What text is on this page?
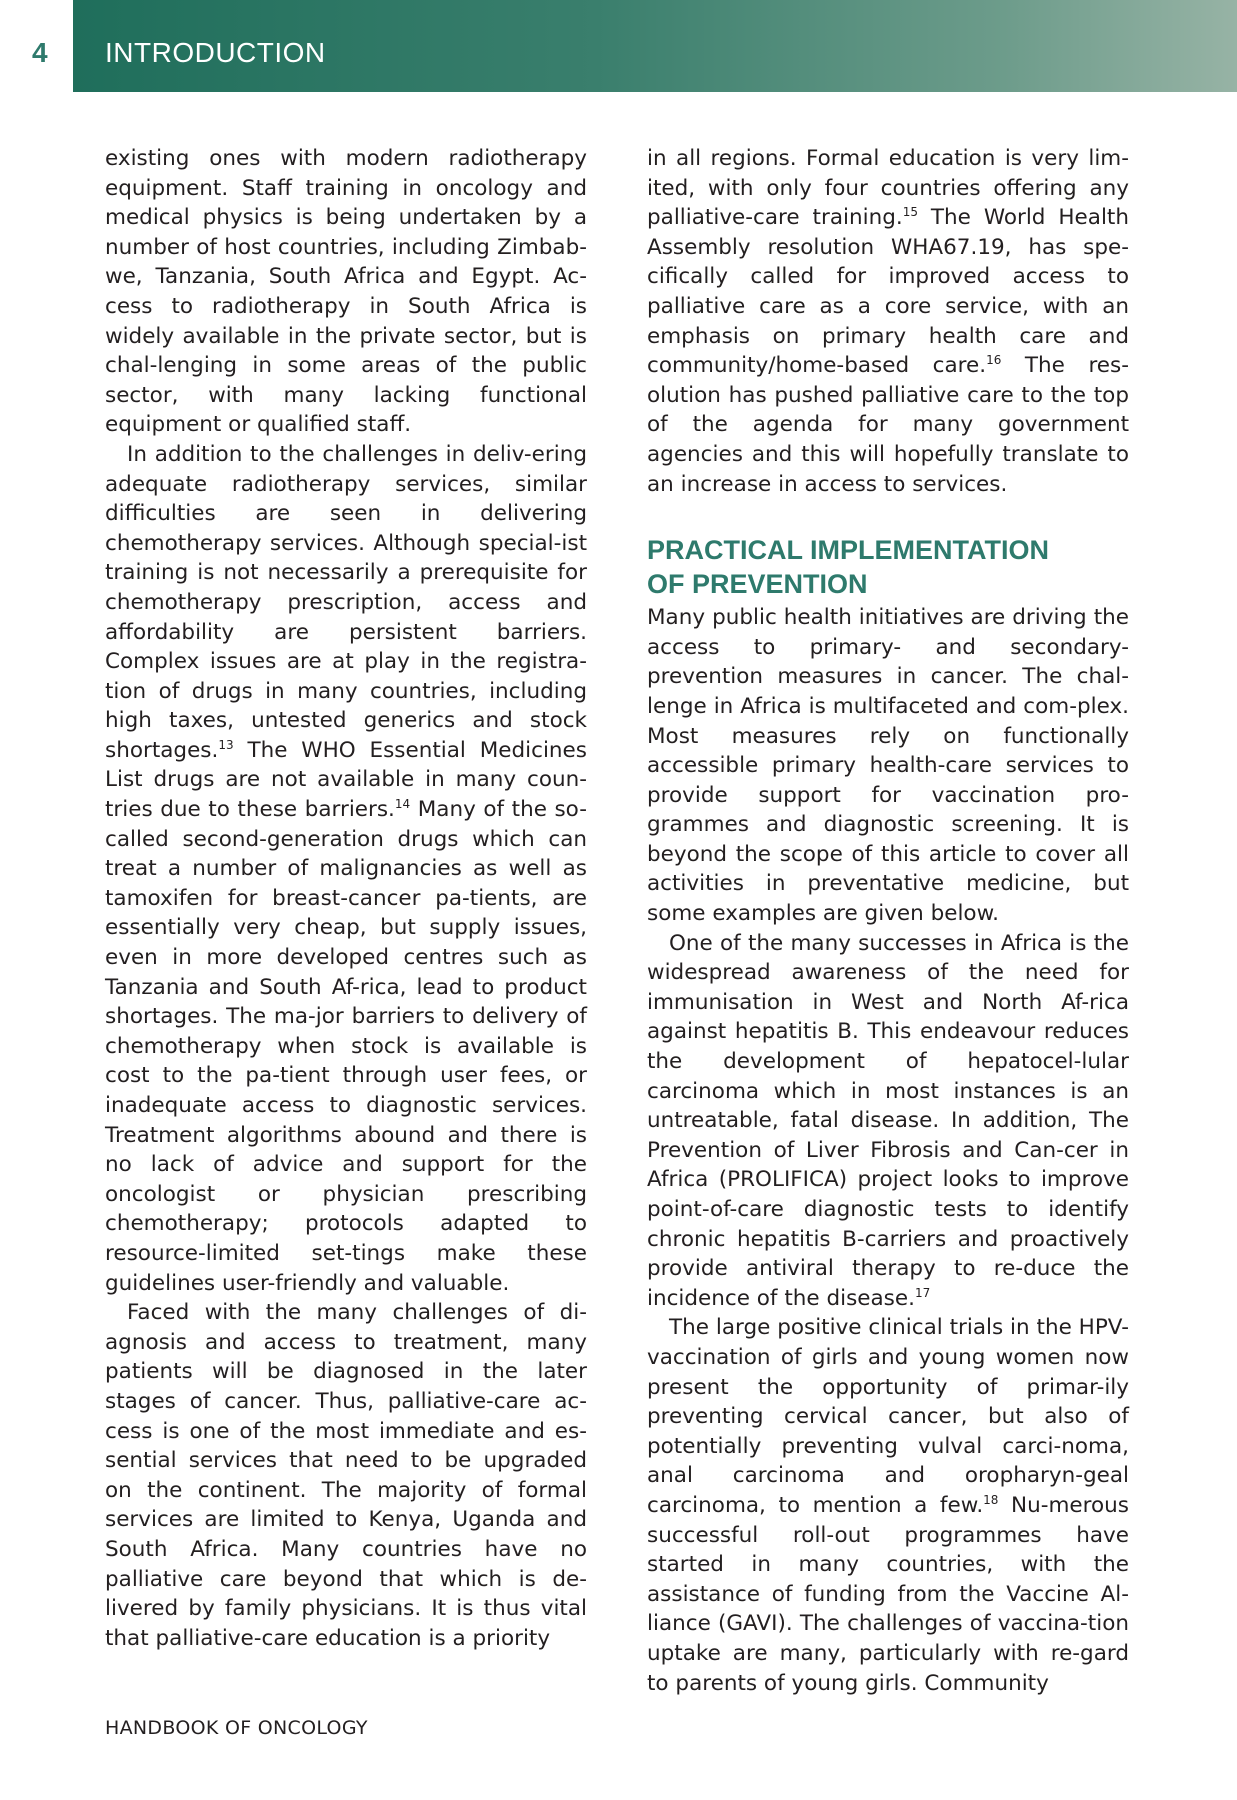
4 INTRODUCTION

existing ones with modern radiotherapy equipment. Staff training in oncology and medical physics is being undertaken by a number of host countries, including Zimbab-we, Tanzania, South Africa and Egypt. Ac-cess to radiotherapy in South Africa is widely available in the private sector, but is chal-lenging in some areas of the public sector, with many lacking functional equipment or qualified staff.

In addition to the challenges in deliv-ering adequate radiotherapy services, similar difficulties are seen in delivering chemotherapy services. Although special-ist training is not necessarily a prerequisite for chemotherapy prescription, access and affordability are persistent barriers. Complex issues are at play in the registra-tion of drugs in many countries, including high taxes, untested generics and stock shortages.$^{13}$ The WHO Essential Medicines List drugs are not available in many coun-tries due to these barriers.$^{14}$ Many of the so-called second-generation drugs which can treat a number of malignancies as well as tamoxifen for breast-cancer pa-tients, are essentially very cheap, but supply issues, even in more developed centres such as Tanzania and South Af-rica, lead to product shortages. The ma-jor barriers to delivery of chemotherapy when stock is available is cost to the pa-tient through user fees, or inadequate access to diagnostic services. Treatment algorithms abound and there is no lack of advice and support for the oncologist or physician prescribing chemotherapy; protocols adapted to resource-limited set-tings make these guidelines user-friendly and valuable.

Faced with the many challenges of di-agnosis and access to treatment, many patients will be diagnosed in the later stages of cancer. Thus, palliative-care ac-cess is one of the most immediate and es-sential services that need to be upgraded on the continent. The majority of formal services are limited to Kenya, Uganda and South Africa. Many countries have no palliative care beyond that which is de-livered by family physicians. It is thus vital that palliative-care education is a priority

in all regions. Formal education is very lim-ited, with only four countries offering any palliative-care training.$^{15}$ The World Health Assembly resolution WHA67.19, has spe-cifically called for improved access to palliative care as a core service, with an emphasis on primary health care and community/home-based care.$^{16}$ The res-olution has pushed palliative care to the top of the agenda for many government agencies and this will hopefully translate to an increase in access to services.

PRACTICAL IMPLEMENTATION
OF PREVENTION

Many public health initiatives are driving the access to primary- and secondary-prevention measures in cancer. The chal-lenge in Africa is multifaceted and com-plex. Most measures rely on functionally accessible primary health-care services to provide support for vaccination pro-grammes and diagnostic screening. It is beyond the scope of this article to cover all activities in preventative medicine, but some examples are given below.

One of the many successes in Africa is the widespread awareness of the need for immunisation in West and North Af-rica against hepatitis B. This endeavour reduces the development of hepatocel-lular carcinoma which in most instances is an untreatable, fatal disease. In addition, The Prevention of Liver Fibrosis and Can-cer in Africa (PROLIFICA) project looks to improve point-of-care diagnostic tests to identify chronic hepatitis B-carriers and proactively provide antiviral therapy to re-duce the incidence of the disease.$^{17}$

The large positive clinical trials in the HPV-vaccination of girls and young women now present the opportunity of primar-ily preventing cervical cancer, but also of potentially preventing vulval carci-noma, anal carcinoma and oropharyn-geal carcinoma, to mention a few.$^{18}$ Nu-merous successful roll-out programmes have started in many countries, with the assistance of funding from the Vaccine Al-liance (GAVI). The challenges of vaccina-tion uptake are many, particularly with re-gard to parents of young girls. Community

HANDBOOK OF ONCOLOGY
